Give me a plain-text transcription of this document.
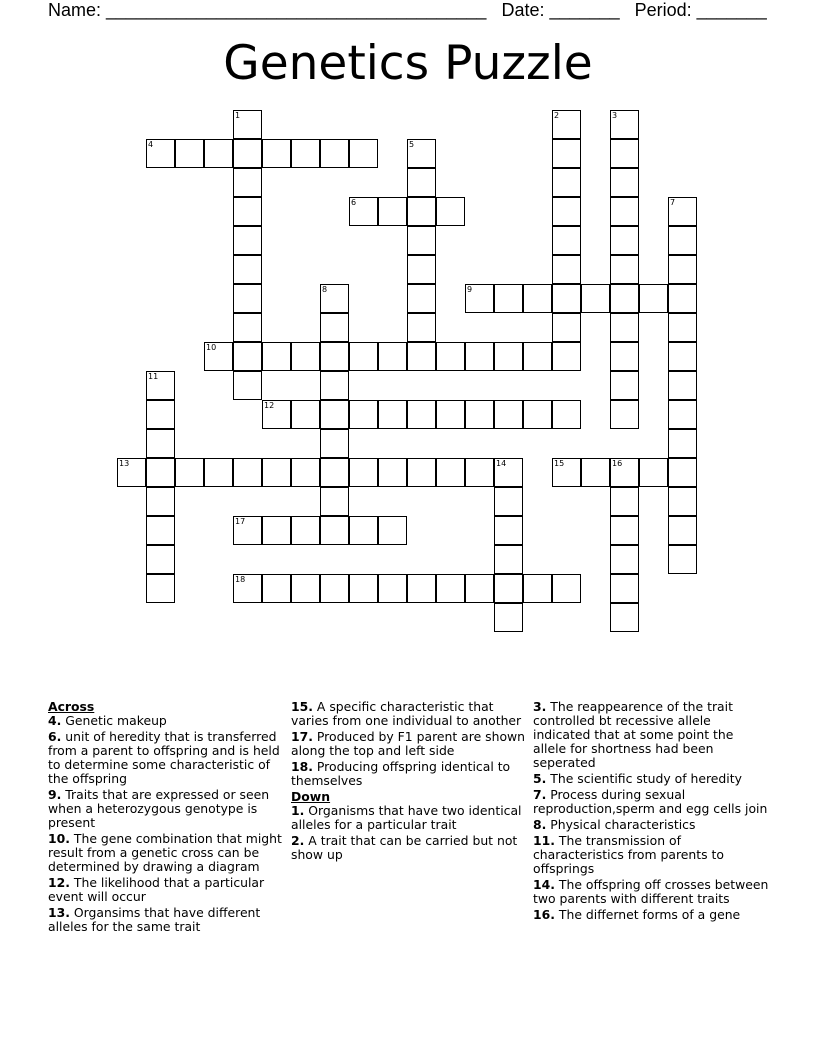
Name: ______________________________________ Date: _______ Period: _______
Genetics Puzzle
1	2	3
4	5
6	7
8	9
10
11
12
13	14	15	16
17
18
Across
4. Genetic makeup
6. unit of heredity that is transferred from a parent to offspring and is held to determine some characteristic of the offspring
9. Traits that are expressed or seen when a heterozygous genotype is present
10. The gene combination that might result from a genetic cross can be determined by drawing a diagram
12. The likelihood that a particular event will occur
13. Organsims that have different alleles for the same trait
15. A specific characteristic that varies from one individual to another
17. Produced by F1 parent are shown along the top and left side
18. Producing offspring identical to themselves
Down
1. Organisms that have two identical alleles for a particular trait
2. A trait that can be carried but not show up
3. The reappearence of the trait controlled bt recessive allele indicated that at some point the allele for shortness had been seperated
5. The scientific study of heredity
7. Process during sexual reproduction,sperm and egg cells join
8. Physical characteristics
11. The transmission of characteristics from parents to offsprings
14. The offspring off crosses between two parents with different traits
16. The differnet forms of a gene
